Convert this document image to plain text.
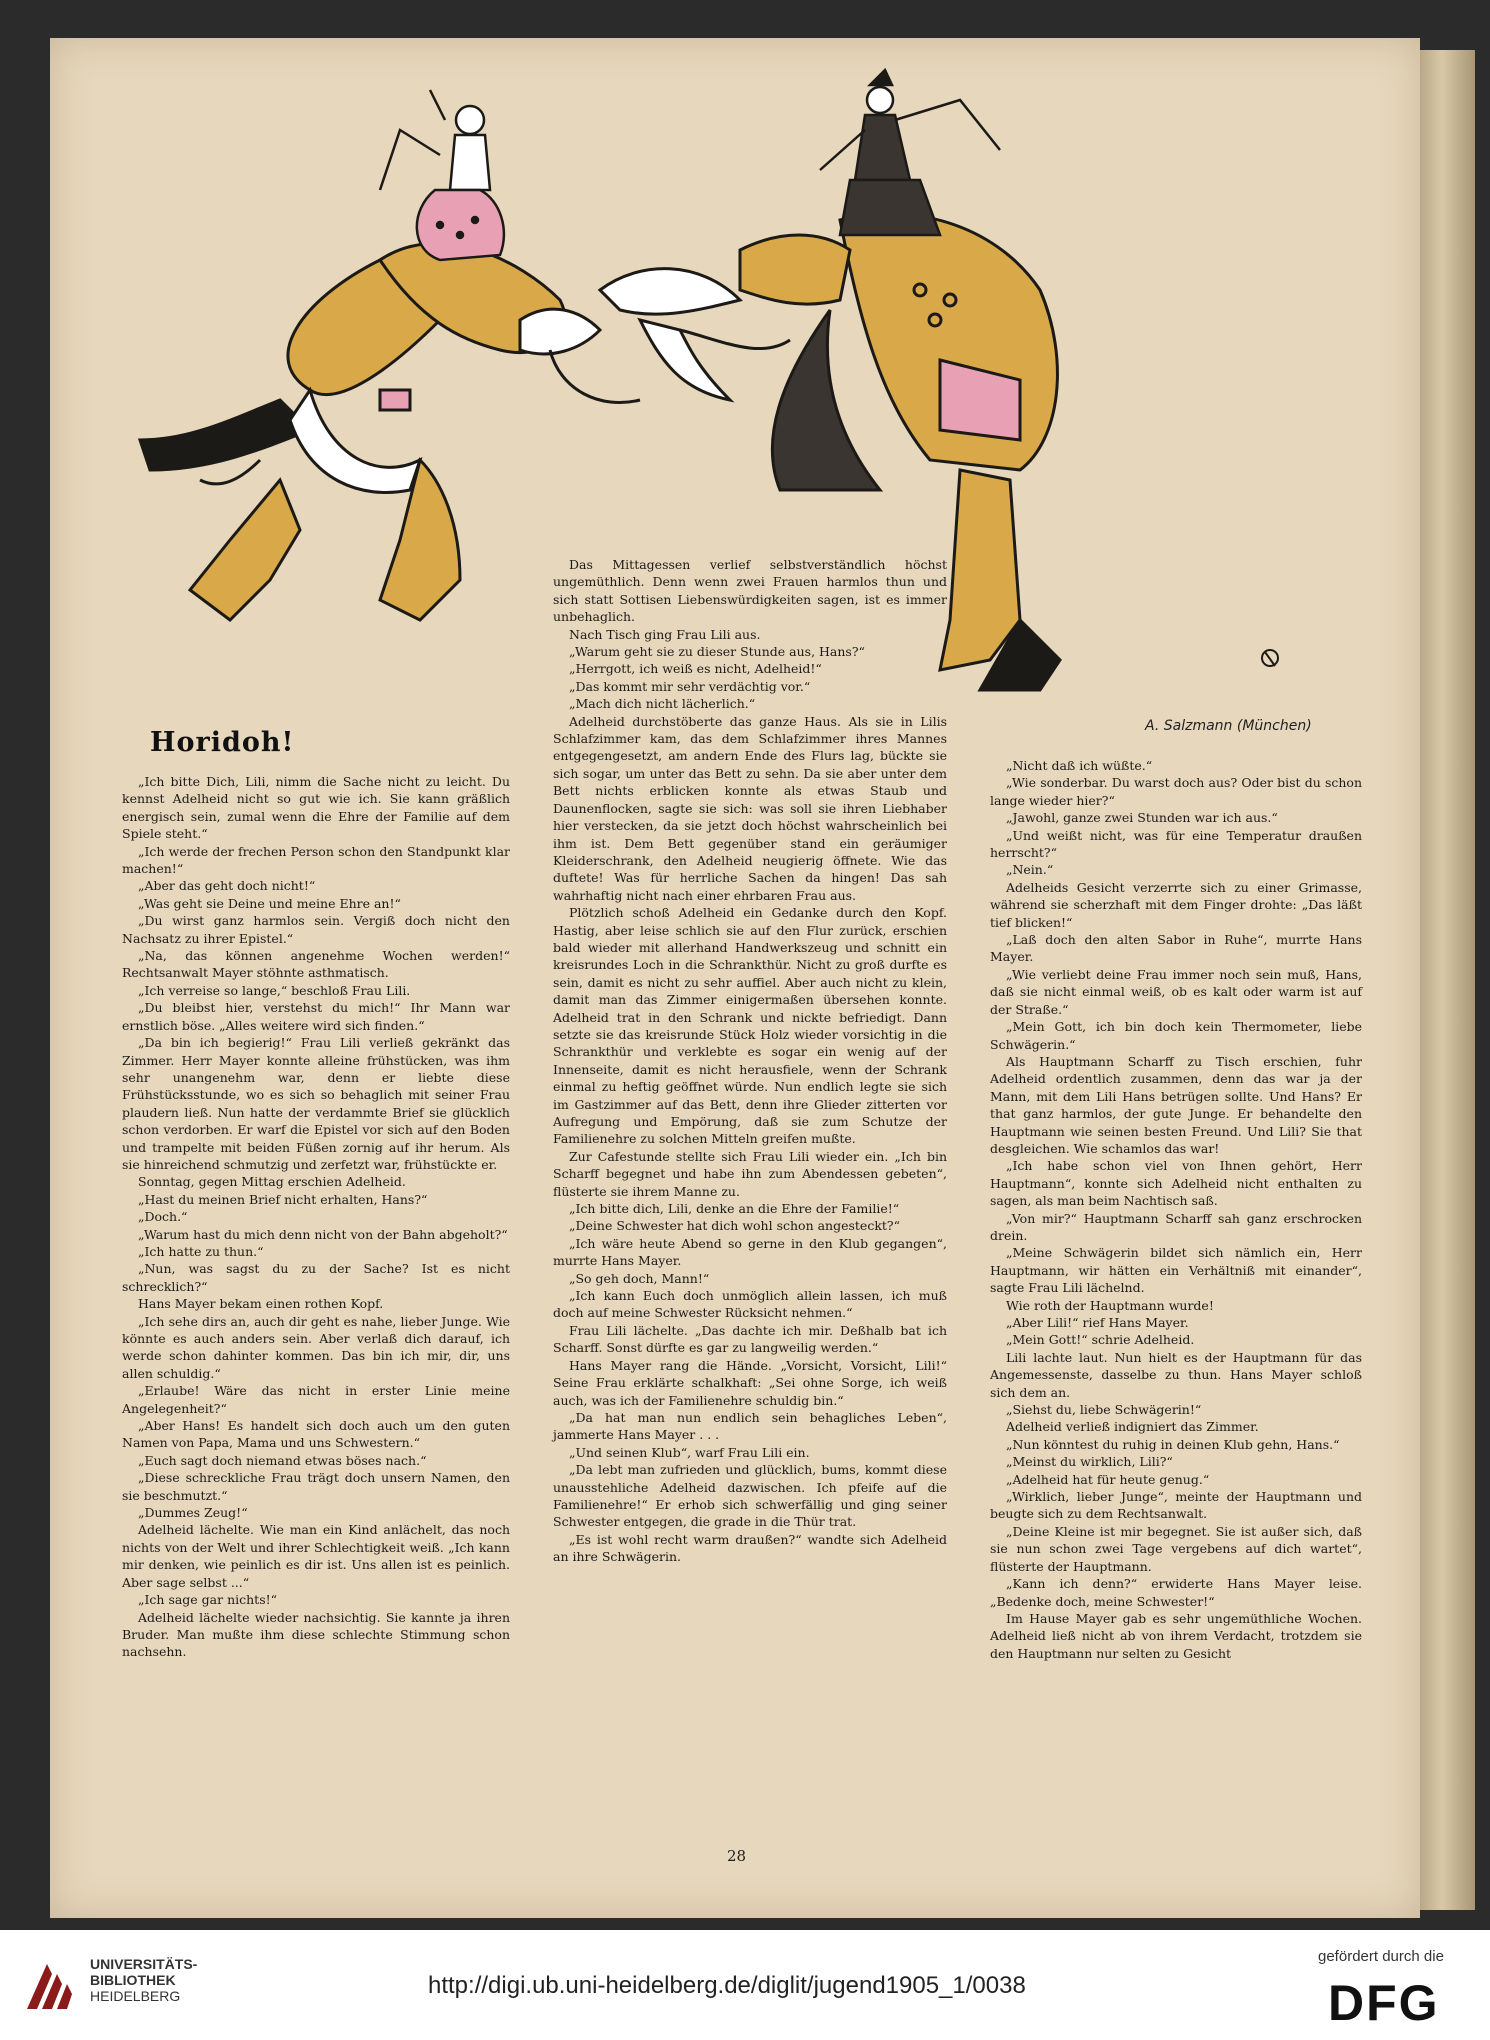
A. Salzmann (München)
Horidoh!

„Ich bitte Dich, Lili, nimm die Sache nicht zu leicht. Du kennst Adelheid nicht so gut wie ich. Sie kann gräßlich energisch sein, zumal wenn die Ehre der Familie auf dem Spiele steht.“

„Ich werde der frechen Person schon den Standpunkt klar machen!“

„Aber das geht doch nicht!“

„Was geht sie Deine und meine Ehre an!“

„Du wirst ganz harmlos sein. Vergiß doch nicht den Nachsatz zu ihrer Epistel.“

„Na, das können angenehme Wochen werden!“ Rechtsanwalt Mayer stöhnte asthmatisch.

„Ich verreise so lange,“ beschloß Frau Lili.

„Du bleibst hier, verstehst du mich!“ Ihr Mann war ernstlich böse. „Alles weitere wird sich finden.“

„Da bin ich begierig!“ Frau Lili verließ gekränkt das Zimmer. Herr Mayer konnte alleine frühstücken, was ihm sehr unangenehm war, denn er liebte diese Frühstücksstunde, wo es sich so behaglich mit seiner Frau plaudern ließ. Nun hatte der verdammte Brief sie glücklich schon verdorben. Er warf die Epistel vor sich auf den Boden und trampelte mit beiden Füßen zornig auf ihr herum. Als sie hinreichend schmutzig und zerfetzt war, frühstückte er.

Sonntag, gegen Mittag erschien Adelheid.

„Hast du meinen Brief nicht erhalten, Hans?“

„Doch.“

„Warum hast du mich denn nicht von der Bahn abgeholt?“

„Ich hatte zu thun.“

„Nun, was sagst du zu der Sache? Ist es nicht schrecklich?“

Hans Mayer bekam einen rothen Kopf.

„Ich sehe dirs an, auch dir geht es nahe, lieber Junge. Wie könnte es auch anders sein. Aber verlaß dich darauf, ich werde schon dahinter kommen. Das bin ich mir, dir, uns allen schuldig.“

„Erlaube! Wäre das nicht in erster Linie meine Angelegenheit?“

„Aber Hans! Es handelt sich doch auch um den guten Namen von Papa, Mama und uns Schwestern.“

„Euch sagt doch niemand etwas böses nach.“

„Diese schreckliche Frau trägt doch unsern Namen, den sie beschmutzt.“

„Dummes Zeug!“

Adelheid lächelte. Wie man ein Kind anlächelt, das noch nichts von der Welt und ihrer Schlechtigkeit weiß. „Ich kann mir denken, wie peinlich es dir ist. Uns allen ist es peinlich. Aber sage selbst ...“

„Ich sage gar nichts!“

Adelheid lächelte wieder nachsichtig. Sie kannte ja ihren Bruder. Man mußte ihm diese schlechte Stimmung schon nachsehn.

Das Mittagessen verlief selbstverständlich höchst ungemüthlich. Denn wenn zwei Frauen harmlos thun und sich statt Sottisen Liebenswürdigkeiten sagen, ist es immer unbehaglich.

Nach Tisch ging Frau Lili aus.

„Warum geht sie zu dieser Stunde aus, Hans?“

„Herrgott, ich weiß es nicht, Adelheid!“

„Das kommt mir sehr verdächtig vor.“

„Mach dich nicht lächerlich.“

Adelheid durchstöberte das ganze Haus. Als sie in Lilis Schlafzimmer kam, das dem Schlafzimmer ihres Mannes entgegengesetzt, am andern Ende des Flurs lag, bückte sie sich sogar, um unter das Bett zu sehn. Da sie aber unter dem Bett nichts erblicken konnte als etwas Staub und Daunenflocken, sagte sie sich: was soll sie ihren Liebhaber hier verstecken, da sie jetzt doch höchst wahrscheinlich bei ihm ist. Dem Bett gegenüber stand ein geräumiger Kleiderschrank, den Adelheid neugierig öffnete. Wie das duftete! Was für herrliche Sachen da hingen! Das sah wahrhaftig nicht nach einer ehrbaren Frau aus.

Plötzlich schoß Adelheid ein Gedanke durch den Kopf. Hastig, aber leise schlich sie auf den Flur zurück, erschien bald wieder mit allerhand Handwerkszeug und schnitt ein kreisrundes Loch in die Schrankthür. Nicht zu groß durfte es sein, damit es nicht zu sehr auffiel. Aber auch nicht zu klein, damit man das Zimmer einigermaßen übersehen konnte. Adelheid trat in den Schrank und nickte befriedigt. Dann setzte sie das kreisrunde Stück Holz wieder vorsichtig in die Schrankthür und verklebte es sogar ein wenig auf der Innenseite, damit es nicht herausfiele, wenn der Schrank einmal zu heftig geöffnet würde. Nun endlich legte sie sich im Gastzimmer auf das Bett, denn ihre Glieder zitterten vor Aufregung und Empörung, daß sie zum Schutze der Familienehre zu solchen Mitteln greifen mußte.

Zur Cafestunde stellte sich Frau Lili wieder ein. „Ich bin Scharff begegnet und habe ihn zum Abendessen gebeten“, flüsterte sie ihrem Manne zu.

„Ich bitte dich, Lili, denke an die Ehre der Familie!“

„Deine Schwester hat dich wohl schon angesteckt?“

„Ich wäre heute Abend so gerne in den Klub gegangen“, murrte Hans Mayer.

„So geh doch, Mann!“

„Ich kann Euch doch unmöglich allein lassen, ich muß doch auf meine Schwester Rücksicht nehmen.“

Frau Lili lächelte. „Das dachte ich mir. Deßhalb bat ich Scharff. Sonst dürfte es gar zu langweilig werden.“

Hans Mayer rang die Hände. „Vorsicht, Vorsicht, Lili!“ Seine Frau erklärte schalkhaft: „Sei ohne Sorge, ich weiß auch, was ich der Familienehre schuldig bin.“

„Da hat man nun endlich sein behagliches Leben“, jammerte Hans Mayer . . .

„Und seinen Klub“, warf Frau Lili ein.

„Da lebt man zufrieden und glücklich, bums, kommt diese unausstehliche Adelheid dazwischen. Ich pfeife auf die Familienehre!“ Er erhob sich schwerfällig und ging seiner Schwester entgegen, die grade in die Thür trat.

„Es ist wohl recht warm draußen?“ wandte sich Adelheid an ihre Schwägerin.

„Nicht daß ich wüßte.“

„Wie sonderbar. Du warst doch aus? Oder bist du schon lange wieder hier?“

„Jawohl, ganze zwei Stunden war ich aus.“

„Und weißt nicht, was für eine Temperatur draußen herrscht?“

„Nein.“

Adelheids Gesicht verzerrte sich zu einer Grimasse, während sie scherzhaft mit dem Finger drohte: „Das läßt tief blicken!“

„Laß doch den alten Sabor in Ruhe“, murrte Hans Mayer.

„Wie verliebt deine Frau immer noch sein muß, Hans, daß sie nicht einmal weiß, ob es kalt oder warm ist auf der Straße.“

„Mein Gott, ich bin doch kein Thermometer, liebe Schwägerin.“

Als Hauptmann Scharff zu Tisch erschien, fuhr Adelheid ordentlich zusammen, denn das war ja der Mann, mit dem Lili Hans betrügen sollte. Und Hans? Er that ganz harmlos, der gute Junge. Er behandelte den Hauptmann wie seinen besten Freund. Und Lili? Sie that desgleichen. Wie schamlos das war!

„Ich habe schon viel von Ihnen gehört, Herr Hauptmann“, konnte sich Adelheid nicht enthalten zu sagen, als man beim Nachtisch saß.

„Von mir?“ Hauptmann Scharff sah ganz erschrocken drein.

„Meine Schwägerin bildet sich nämlich ein, Herr Hauptmann, wir hätten ein Verhältniß mit einander“, sagte Frau Lili lächelnd.

Wie roth der Hauptmann wurde!

„Aber Lili!“ rief Hans Mayer.

„Mein Gott!“ schrie Adelheid.

Lili lachte laut. Nun hielt es der Hauptmann für das Angemessenste, dasselbe zu thun. Hans Mayer schloß sich dem an.

„Siehst du, liebe Schwägerin!“

Adelheid verließ indigniert das Zimmer.

„Nun könntest du ruhig in deinen Klub gehn, Hans.“

„Meinst du wirklich, Lili?“

„Adelheid hat für heute genug.“

„Wirklich, lieber Junge“, meinte der Hauptmann und beugte sich zu dem Rechtsanwalt.

„Deine Kleine ist mir begegnet. Sie ist außer sich, daß sie nun schon zwei Tage vergebens auf dich wartet“, flüsterte der Hauptmann.

„Kann ich denn?“ erwiderte Hans Mayer leise. „Bedenke doch, meine Schwester!“

Im Hause Mayer gab es sehr ungemüthliche Wochen. Adelheid ließ nicht ab von ihrem Verdacht, trotzdem sie den Hauptmann nur selten zu Gesicht

28
UNIVERSITÄTS-
BIBLIOTHEK
HEIDELBERG	http://digi.ub.uni-heidelberg.de/diglit/jugend1905_1/0038
gefördert durch die
DFG
